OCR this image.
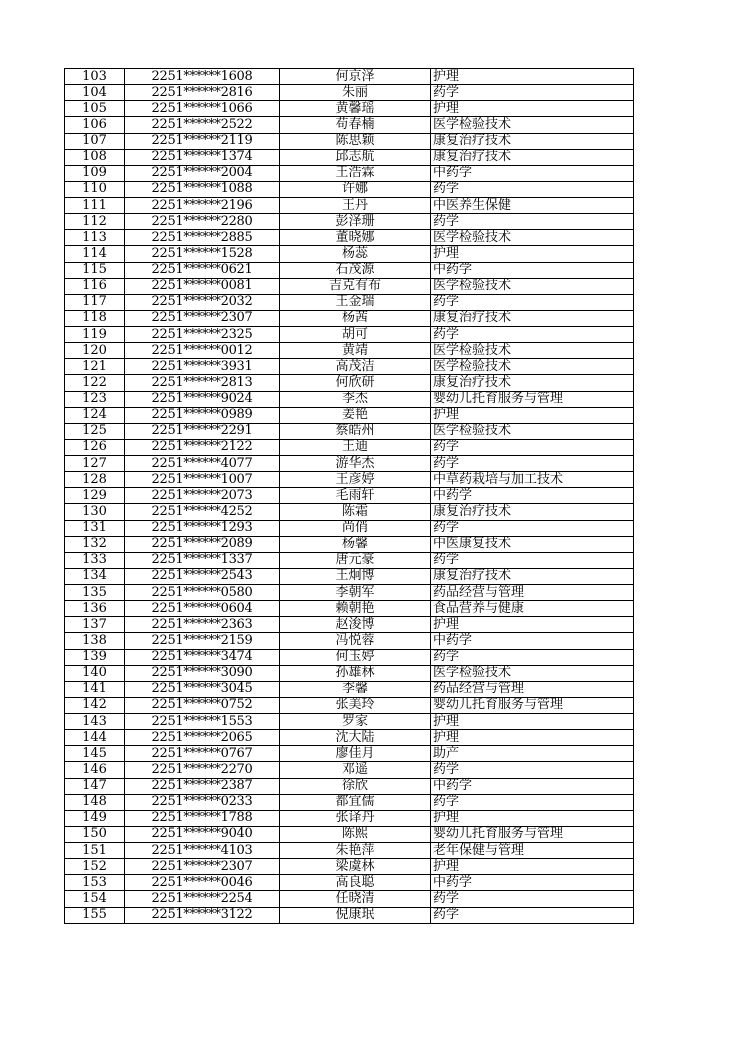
103	2251******1608	何京泽	护理
104	2251******2816	朱丽	药学
105	2251******1066	黄馨瑶	护理
106	2251******2522	苟春楠	医学检验技术
107	2251******2119	陈思颖	康复治疗技术
108	2251******1374	邱志航	康复治疗技术
109	2251******2004	王浩霖	中药学
110	2251******1088	许娜	药学
111	2251******2196	王丹	中医养生保健
112	2251******2280	彭泽珊	药学
113	2251******2885	董晓娜	医学检验技术
114	2251******1528	杨蕊	护理
115	2251******0621	石茂源	中药学
116	2251******0081	吉克有布	医学检验技术
117	2251******2032	王金瑞	药学
118	2251******2307	杨茜	康复治疗技术
119	2251******2325	胡可	药学
120	2251******0012	黄靖	医学检验技术
121	2251******3931	高茂洁	医学检验技术
122	2251******2813	何欣研	康复治疗技术
123	2251******9024	李杰	婴幼儿托育服务与管理
124	2251******0989	姜艳	护理
125	2251******2291	蔡皓州	医学检验技术
126	2251******2122	王迪	药学
127	2251******4077	游华杰	药学
128	2251******1007	王彦婷	中草药栽培与加工技术
129	2251******2073	毛雨轩	中药学
130	2251******4252	陈霜	康复治疗技术
131	2251******1293	尚俏	药学
132	2251******2089	杨馨	中医康复技术
133	2251******1337	唐元豪	药学
134	2251******2543	王炯博	康复治疗技术
135	2251******0580	李朝军	药品经营与管理
136	2251******0604	赖朝艳	食品营养与健康
137	2251******2363	赵浚博	护理
138	2251******2159	冯悦蓉	中药学
139	2251******3474	何玉婷	药学
140	2251******3090	孙雄林	医学检验技术
141	2251******3045	李馨	药品经营与管理
142	2251******0752	张美玲	婴幼儿托育服务与管理
143	2251******1553	罗家	护理
144	2251******2065	沈大陆	护理
145	2251******0767	廖佳月	助产
146	2251******2270	邓遥	药学
147	2251******2387	徐欣	中药学
148	2251******0233	都宜儒	药学
149	2251******1788	张译丹	护理
150	2251******9040	陈熙	婴幼儿托育服务与管理
151	2251******4103	朱艳萍	老年保健与管理
152	2251******2307	梁虞林	护理
153	2251******0046	高良聪	中药学
154	2251******2254	任晓清	药学
155	2251******3122	倪康珉	药学
